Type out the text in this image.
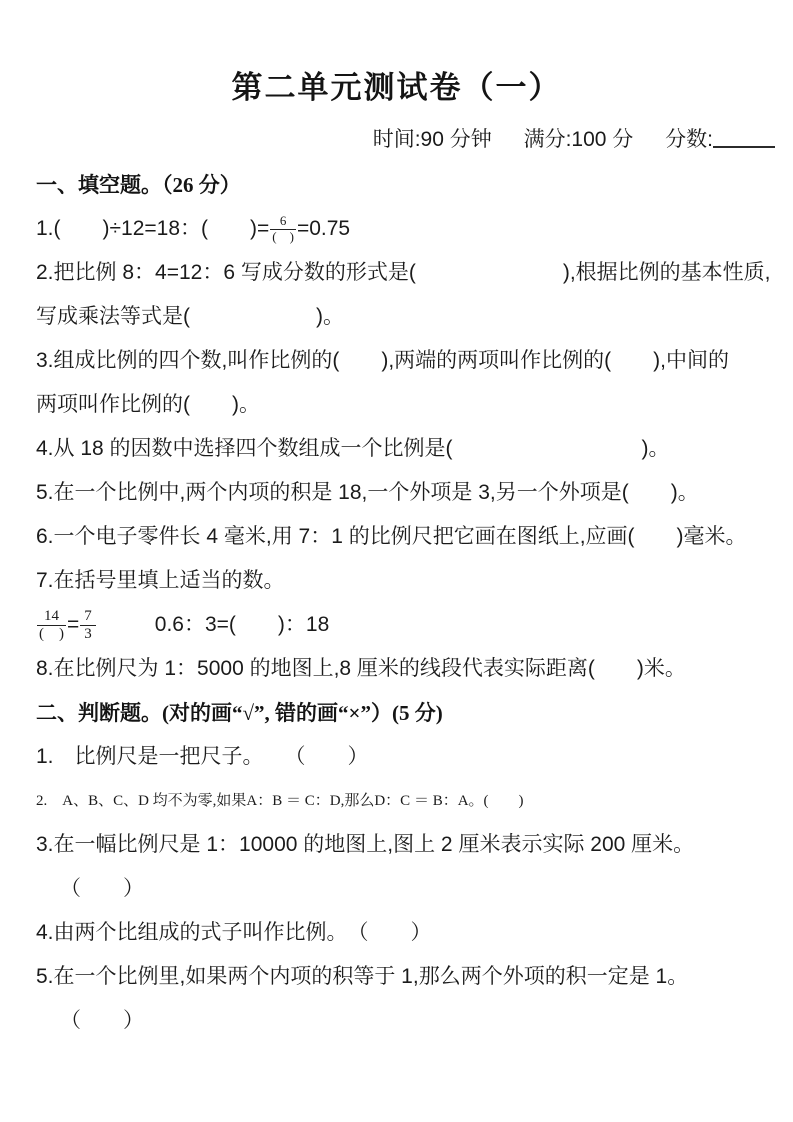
第二单元测试卷（一）
时间:90 分钟 满分:100 分 分数:
一、填空题。（26 分）
1.(　　)÷12=18：(　　)= $\frac{6}{( )} =0.75$
2.把比例 8：4=12：6 写成分数的形式是(　　　　　　　),根据比例的基本性质,
写成乘法等式是(　　　　　　)。
3.组成比例的四个数,叫作比例的(　　),两端的两项叫作比例的(　　),中间的
两项叫作比例的(　　)。
4.从 18 的因数中选择四个数组成一个比例是(　　　　　　　　　)。
5.在一个比例中,两个内项的积是 18,一个外项是 3,另一个外项是(　　)。
6.一个电子零件长 4 毫米,用 7：1 的比例尺把它画在图纸上,应画(　　)毫米。
7.在括号里填上适当的数。
$\frac{14}{( )} = \frac{7}{3}$	0.6：3=(　　)：18
8.在比例尺为 1：5000 的地图上,8 厘米的线段代表实际距离(　　)米。
二、判断题。(对的画“√”, 错的画“×”）(5 分)
1.　比例尺是一把尺子。　　（　　）
2.　A、B、C、D 均不为零,如果A：B ＝ C：D,那么D：C ＝ B：A。(　　)
3.在一幅比例尺是 1：10000 的地图上,图上 2 厘米表示实际 200 厘米。
（　　）
4.由两个比组成的式子叫作比例。　（　　）
5.在一个比例里,如果两个内项的积等于 1,那么两个外项的积一定是 1。
（　　）
